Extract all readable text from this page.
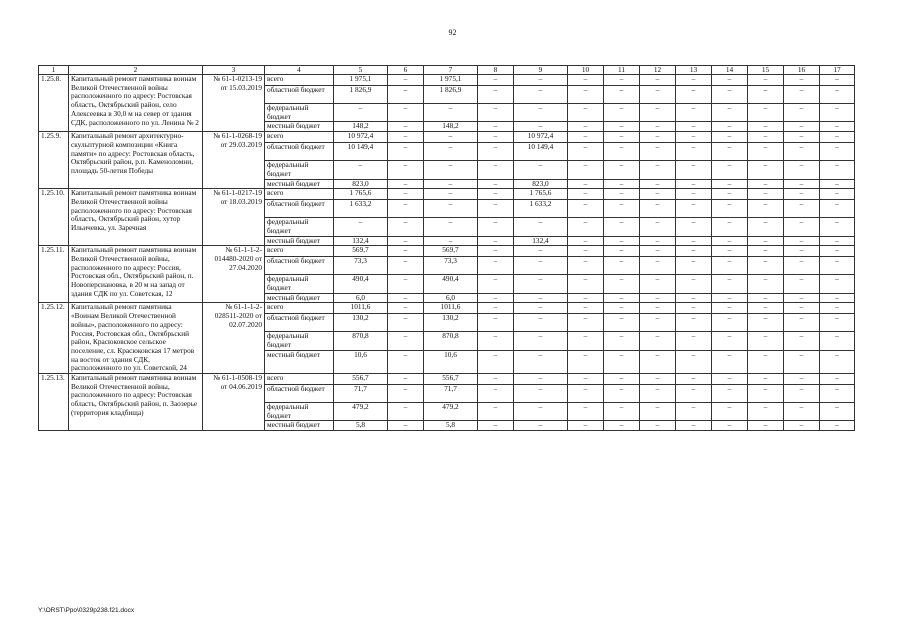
92
1	2	3	4	5	6	7	8	9	10	11	12	13	14	15	16	17
1.25.8.	Капитальный ремонт памятника воинам Великой Отечественной войны расположенного по адресу: Ростовская область, Октябрьский район, село Алексеевка в 30,0 м на север от здания СДК, расположенного по ул. Ленина № 2	№ 61-1-0213-19 от 15.03.2019	всего	1 975,1	–	1 975,1	–	–	–	–	–	–	–	–	–	–
			областной бюджет	1 826,9	–	1 826,9	–	–	–	–	–	–	–	–	–	–
			федеральный бюджет	–	–	–	–	–	–	–	–	–	–	–	–	–
			местный бюджет	148,2	–	148,2	–	–	–	–	–	–	–	–	–	–
1.25.9.	Капитальный ремонт архитектурно-скульптурной композиции «Книга памяти» по адресу: Ростовская область, Октябрьский район, р.п. Каменоломни, площадь 50-летия Победы	№ 61-1-0268-19 от 29.03.2019	всего	10 972,4	–	–	–	10 972,4	–	–	–	–	–	–	–	–
			областной бюджет	10 149,4	–	–	–	10 149,4	–	–	–	–	–	–	–	–
			федеральный бюджет	–	–	–	–	–	–	–	–	–	–	–	–	–
			местный бюджет	823,0	–	–	–	823,0	–	–	–	–	–	–	–	–
1.25.10.	Капитальный ремонт памятника воинам Великой Отечественной войны расположенного по адресу: Ростовская область, Октябрьский район, хутор Ильичевка, ул. Заречная	№ 61-1-0217-19 от 18.03.2019	всего	1 765,6	–	–	–	1 765,6	–	–	–	–	–	–	–	–
			областной бюджет	1 633,2	–	–	–	1 633,2	–	–	–	–	–	–	–	–
			федеральный бюджет	–	–	–	–	–	–	–	–	–	–	–	–	–
			местный бюджет	132,4	–	–	–	132,4	–	–	–	–	–	–	–	–
1.25.11.	Капитальный ремонт памятника воинам Великой Отечественной войны, расположенного по адресу: Россия, Ростовская обл., Октябрьский район, п. Новоперсиановка, в 20 м на запад от здания СДК по ул. Советская, 12	№ 61-1-1-2-014480-2020 от 27.04.2020	всего	569,7	–	569,7	–	–	–	–	–	–	–	–	–	–
			областной бюджет	73,3	–	73,3	–	–	–	–	–	–	–	–	–	–
			федеральный бюджет	490,4	–	490,4	–	–	–	–	–	–	–	–	–	–
			местный бюджет	6,0	–	6,0	–	–	–	–	–	–	–	–	–	–
1.25.12.	Капитальный ремонт памятника «Воинам Великой Отечественной войны», расположенного по адресу: Россия, Ростовская обл., Октябрьский район, Красюковское сельское поселение, сл. Красюковская 17 метров на восток от здания СДК, расположенного по ул. Советской, 24	№ 61-1-1-2-028511-2020 от 02.07.2020	всего	1011,6	–	1011,6	–	–	–	–	–	–	–	–	–	–
			областной бюджет	130,2	–	130,2	–	–	–	–	–	–	–	–	–	–
			федеральный бюджет	870,8	–	870,8	–	–	–	–	–	–	–	–	–	–
			местный бюджет	10,6	–	10,6	–	–	–	–	–	–	–	–	–	–
1.25.13.	Капитальный ремонт памятника воинам Великой Отечественной войны, расположенного по адресу: Ростовская область, Октябрьский район, п. Заозерье (территория кладбища)	№ 61-1-0508-19 от 04.06.2019	всего	556,7	–	556,7	–	–	–	–	–	–	–	–	–	–
			областной бюджет	71,7	–	71,7	–	–	–	–	–	–	–	–	–	–
			федеральный бюджет	479,2	–	479,2	–	–	–	–	–	–	–	–	–	–
			местный бюджет	5,8	–	5,8	–	–	–	–	–	–	–	–	–	–
Y:\ORST\Ppo\0329p238.f21.docx
